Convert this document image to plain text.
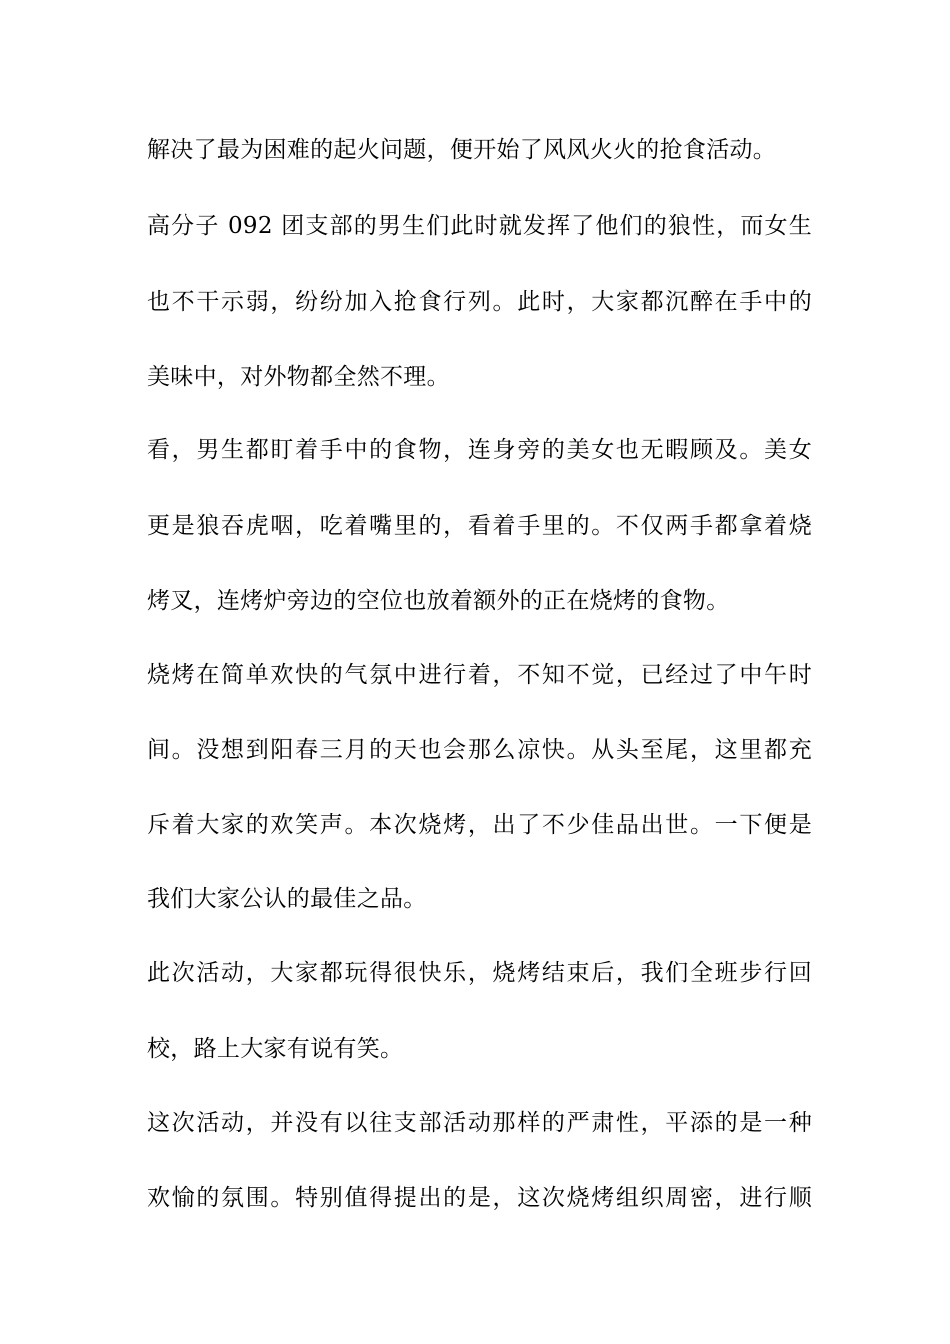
解决了最为困难的起火问题，便开始了风风火火的抢食活动。
高分子 092 团支部的男生们此时就发挥了他们的狼性，而女生
也不干示弱，纷纷加入抢食行列。此时，大家都沉醉在手中的
美味中，对外物都全然不理。
看，男生都盯着手中的食物，连身旁的美女也无暇顾及。美女
更是狼吞虎咽，吃着嘴里的，看着手里的。不仅两手都拿着烧
烤叉，连烤炉旁边的空位也放着额外的正在烧烤的食物。
烧烤在简单欢快的气氛中进行着，不知不觉，已经过了中午时
间。没想到阳春三月的天也会那么凉快。从头至尾，这里都充
斥着大家的欢笑声。本次烧烤，出了不少佳品出世。一下便是
我们大家公认的最佳之品。
此次活动，大家都玩得很快乐，烧烤结束后，我们全班步行回
校，路上大家有说有笑。
这次活动，并没有以往支部活动那样的严肃性，平添的是一种
欢愉的氛围。特别值得提出的是，这次烧烤组织周密，进行顺
